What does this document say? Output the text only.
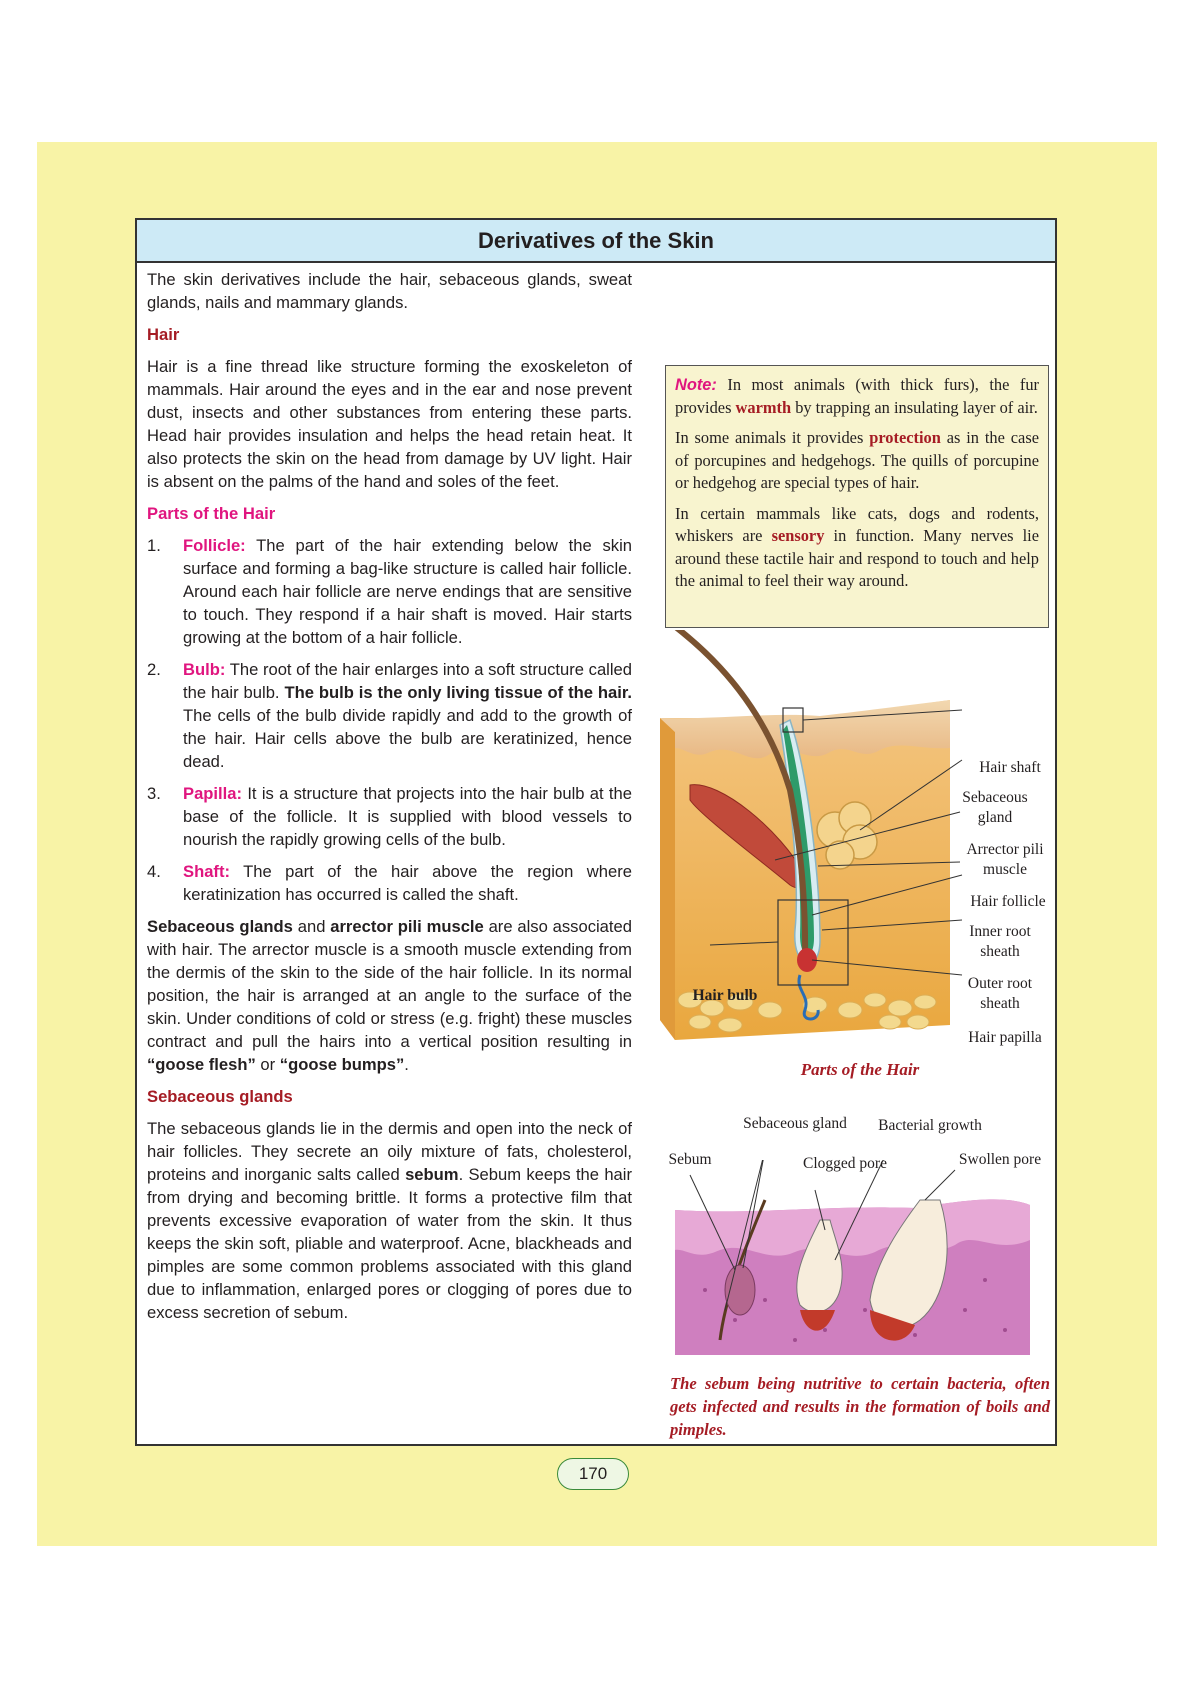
Derivatives of the Skin

The skin derivatives include the hair, sebaceous glands, sweat glands, nails and mammary glands.

Hair

Hair is a fine thread like structure forming the exoskeleton of mammals. Hair around the eyes and in the ear and nose prevent dust, insects and other substances from entering these parts. Head hair provides insulation and helps the head retain heat. It also protects the skin on the head from damage by UV light. Hair is absent on the palms of the hand and soles of the feet.

Parts of the Hair
1. Follicle: The part of the hair extending below the skin surface and forming a bag-like structure is called hair follicle. Around each hair follicle are nerve endings that are sensitive to touch. They respond if a hair shaft is moved. Hair starts growing at the bottom of a hair follicle.
2. Bulb: The root of the hair enlarges into a soft structure called the hair bulb. The bulb is the only living tissue of the hair. The cells of the bulb divide rapidly and add to the growth of the hair. Hair cells above the bulb are keratinized, hence dead.
3. Papilla: It is a structure that projects into the hair bulb at the base of the follicle. It is supplied with blood vessels to nourish the rapidly growing cells of the bulb.
4. Shaft: The part of the hair above the region where keratinization has occurred is called the shaft.

Sebaceous glands and arrector pili muscle are also associated with hair. The arrector muscle is a smooth muscle extending from the dermis of the skin to the side of the hair follicle. In its normal position, the hair is arranged at an angle to the surface of the skin. Under conditions of cold or stress (e.g. fright) these muscles contract and pull the hairs into a vertical position resulting in “goose flesh” or “goose bumps”.

Sebaceous glands

The sebaceous glands lie in the dermis and open into the neck of hair follicles. They secrete an oily mixture of fats, cholesterol, proteins and inorganic salts called sebum. Sebum keeps the hair from drying and becoming brittle. It forms a protective film that prevents excessive evaporation of water from the skin. It thus keeps the skin soft, pliable and waterproof. Acne, blackheads and pimples are some common problems associated with this gland due to inflammation, enlarged pores or clogging of pores due to excess secretion of sebum.

Note: In most animals (with thick furs), the fur provides warmth by trapping an insulating layer of air.

In some animals it provides protection as in the case of porcupines and hedgehogs. The quills of porcupine or hedgehog are special types of hair.

In certain mammals like cats, dogs and rodents, whiskers are sensory in function. Many nerves lie around these tactile hair and respond to touch and help the animal to feel their way around.

Hair shaft
Sebaceous gland
Arrector pili muscle
Hair follicle
Inner root sheath
Outer root sheath
Hair papilla
Hair bulb
Parts of the Hair
Sebaceous gland	Bacterial growth
Sebum	Clogged pore	Swollen pore
The sebum being nutritive to certain bacteria, often gets infected and results in the formation of boils and pimples.
170
